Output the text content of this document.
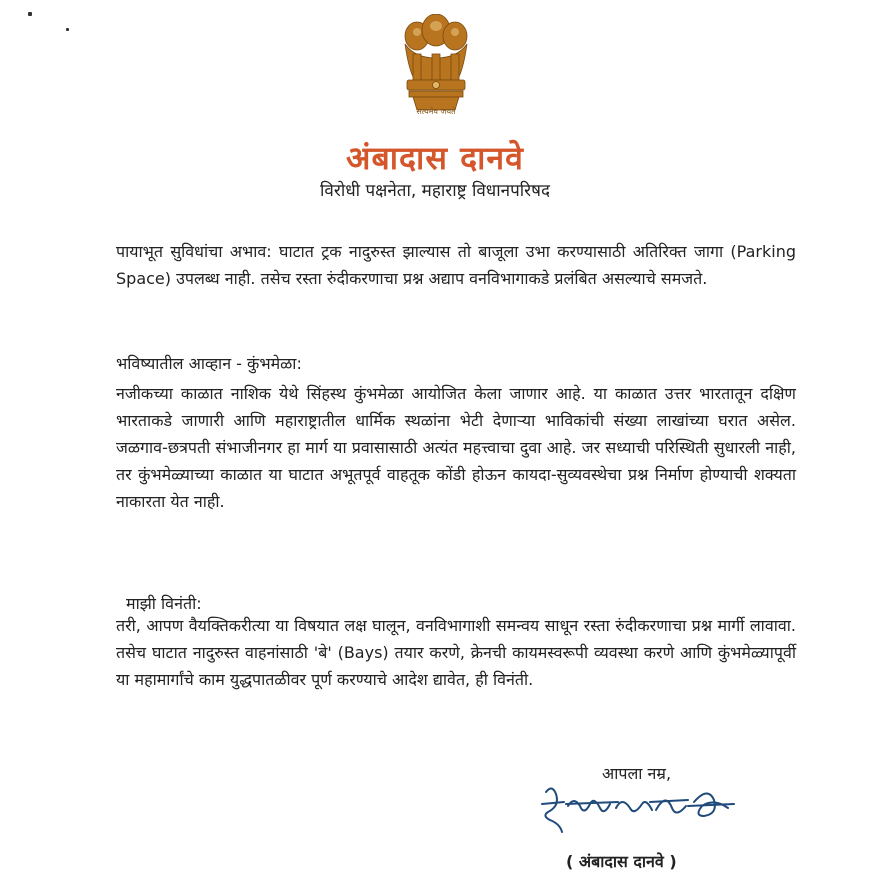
सत्यमेव जयते
अंबादास दानवे
विरोधी पक्षनेता, महाराष्ट्र विधानपरिषद
पायाभूत सुविधांचा अभाव: घाटात ट्रक नादुरुस्त झाल्यास तो बाजूला उभा करण्यासाठी अतिरिक्त जागा (Parking Space) उपलब्ध नाही. तसेच रस्ता रुंदीकरणाचा प्रश्न अद्याप वनविभागाकडे प्रलंबित असल्याचे समजते.
भविष्यातील आव्हान - कुंभमेळा:
नजीकच्या काळात नाशिक येथे सिंहस्थ कुंभमेळा आयोजित केला जाणार आहे. या काळात उत्तर भारतातून दक्षिण भारताकडे जाणारी आणि महाराष्ट्रातील धार्मिक स्थळांना भेटी देणाऱ्या भाविकांची संख्या लाखांच्या घरात असेल. जळगाव-छत्रपती संभाजीनगर हा मार्ग या प्रवासासाठी अत्यंत महत्त्वाचा दुवा आहे. जर सध्याची परिस्थिती सुधारली नाही, तर कुंभमेळ्याच्या काळात या घाटात अभूतपूर्व वाहतूक कोंडी होऊन कायदा-सुव्यवस्थेचा प्रश्न निर्माण होण्याची शक्यता नाकारता येत नाही.
माझी विनंती:
तरी, आपण वैयक्तिकरीत्या या विषयात लक्ष घालून, वनविभागाशी समन्वय साधून रस्ता रुंदीकरणाचा प्रश्न मार्गी लावावा. तसेच घाटात नादुरुस्त वाहनांसाठी 'बे' (Bays) तयार करणे, क्रेनची कायमस्वरूपी व्यवस्था करणे आणि कुंभमेळ्यापूर्वी या महामार्गांचे काम युद्धपातळीवर पूर्ण करण्याचे आदेश द्यावेत, ही विनंती.
आपला नम्र,
( अंबादास दानवे )
